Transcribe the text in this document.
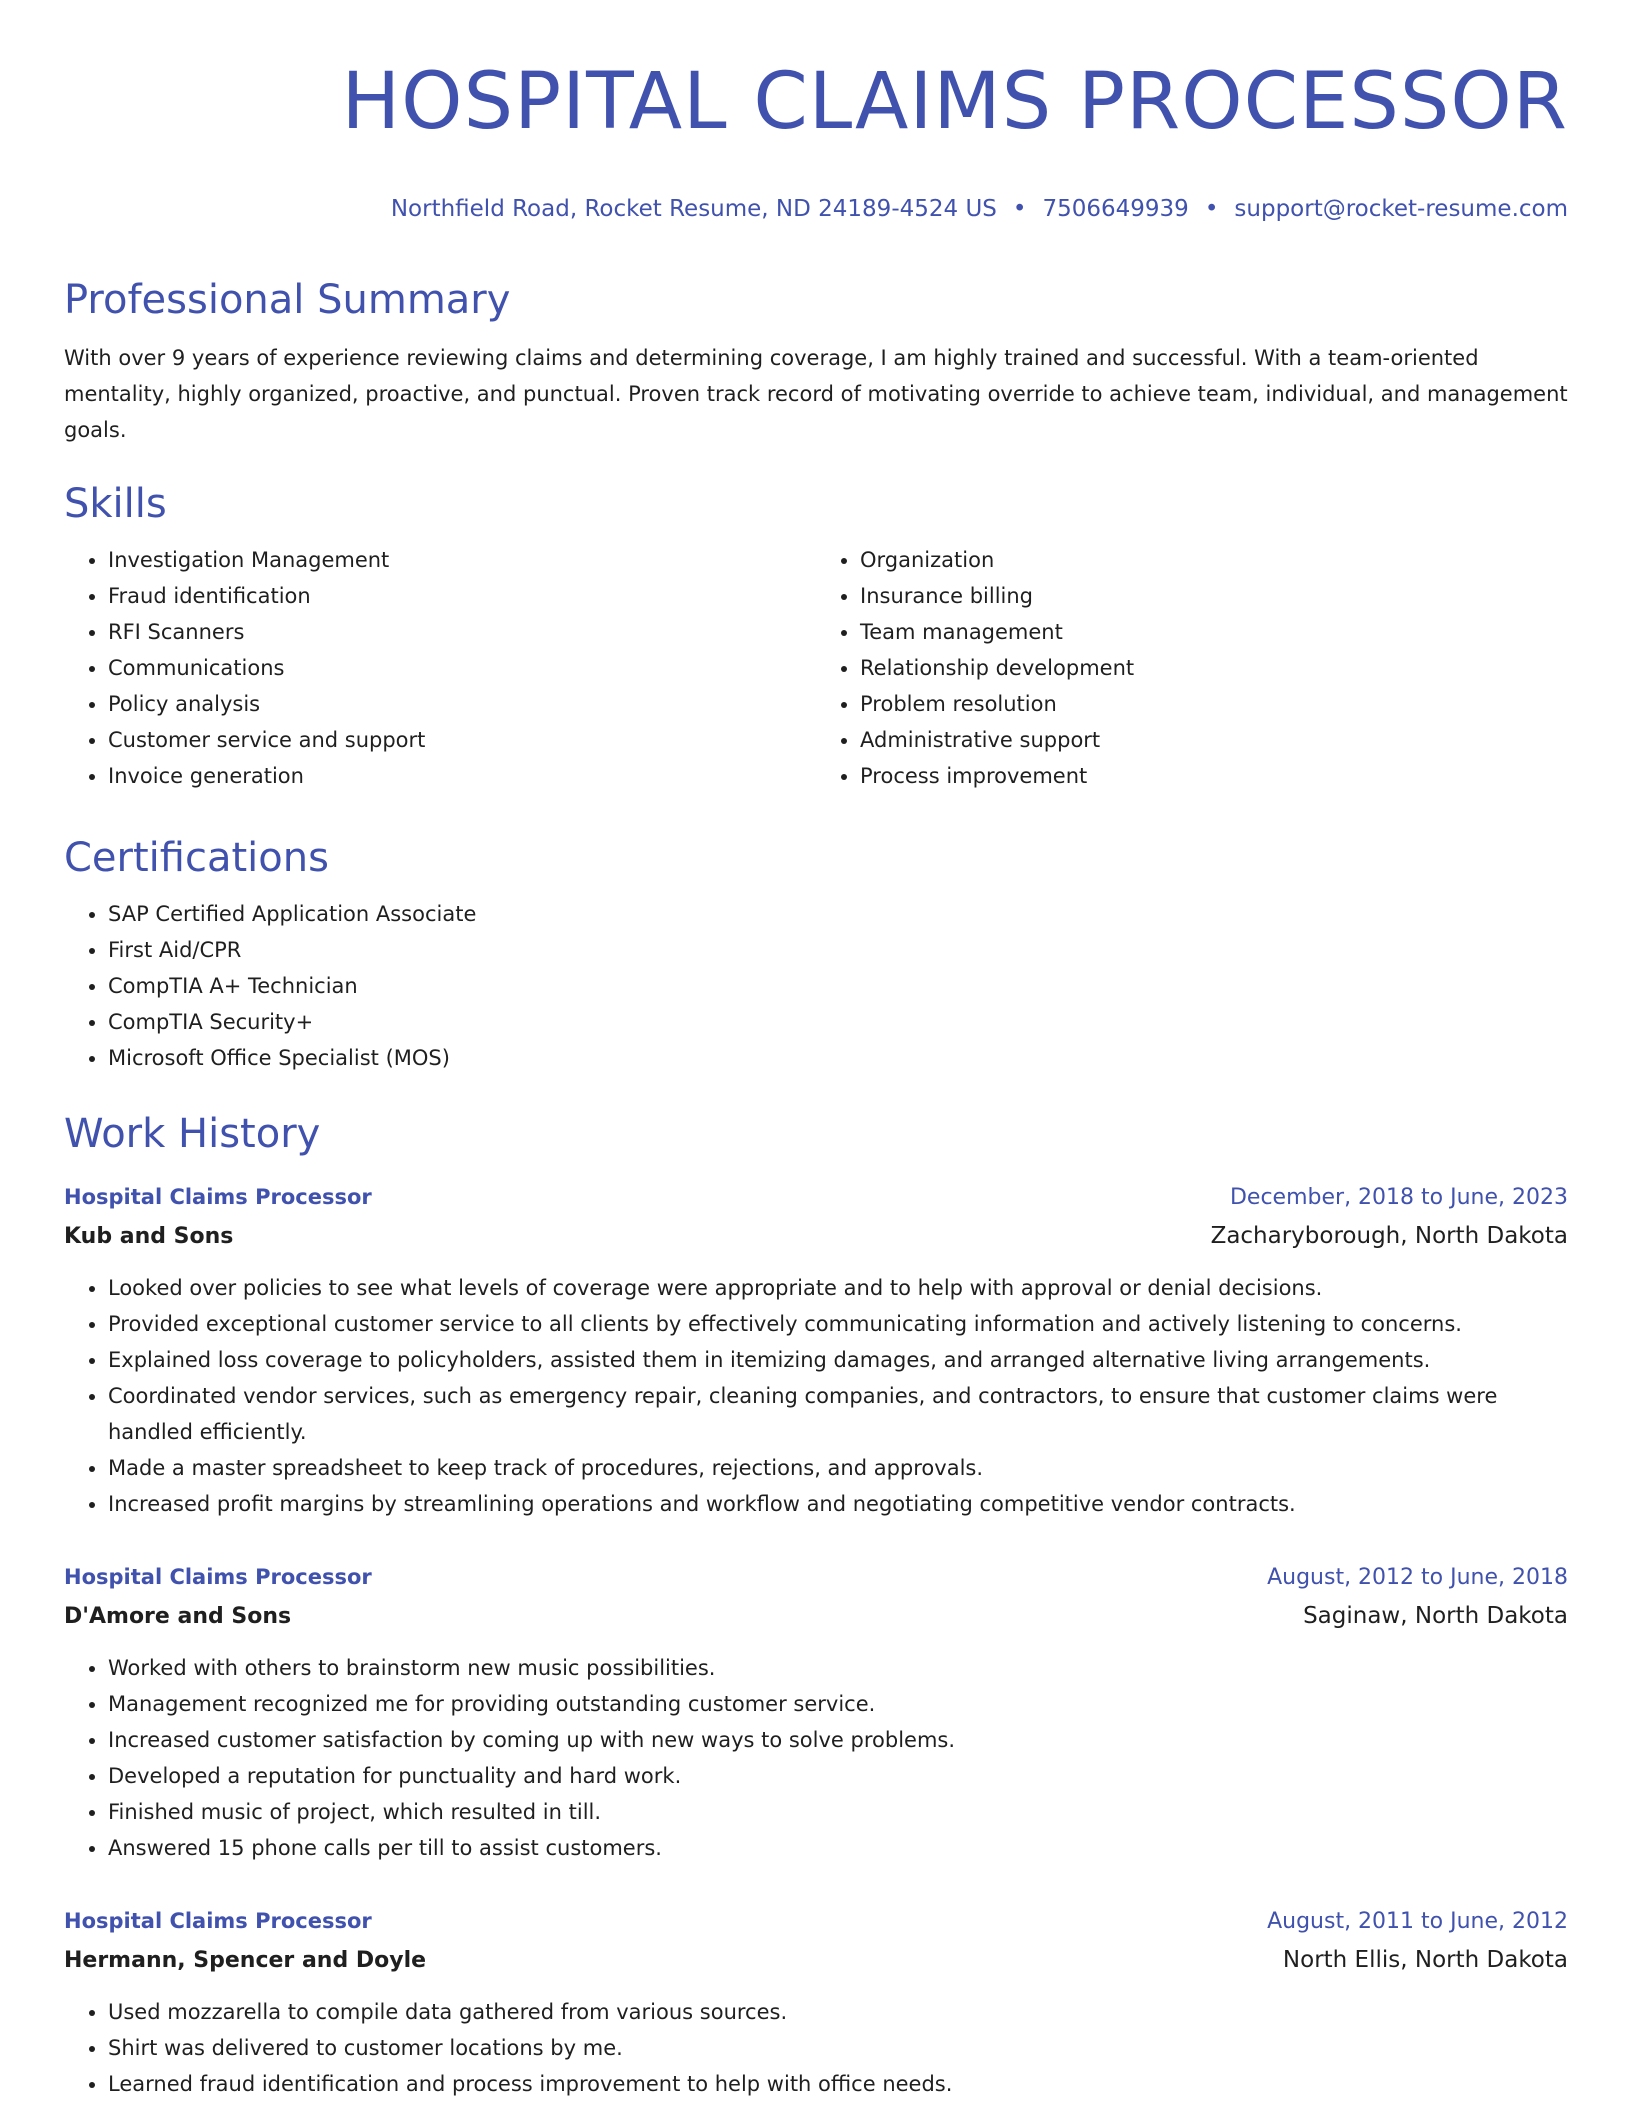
HOSPITAL CLAIMS PROCESSOR
Northfield Road, Rocket Resume, ND 24189-4524 US • 7506649939 • support@rocket-resume.com
Professional Summary

With over 9 years of experience reviewing claims and determining coverage, I am highly trained and successful. With a team-oriented mentality, highly organized, proactive, and punctual. Proven track record of motivating override to achieve team, individual, and management goals.

Skills
• Investigation Management
• Fraud identification
• RFI Scanners
• Communications
• Policy analysis
• Customer service and support
• Invoice generation
• Organization
• Insurance billing
• Team management
• Relationship development
• Problem resolution
• Administrative support
• Process improvement
Certifications
• SAP Certified Application Associate
• First Aid/CPR
• CompTIA A+ Technician
• CompTIA Security+
• Microsoft Office Specialist (MOS)
Work History
Hospital Claims Processor	December, 2018 to June, 2023
Kub and Sons	Zacharyborough, North Dakota
• Looked over policies to see what levels of coverage were appropriate and to help with approval or denial decisions.
• Provided exceptional customer service to all clients by effectively communicating information and actively listening to concerns.
• Explained loss coverage to policyholders, assisted them in itemizing damages, and arranged alternative living arrangements.
• Coordinated vendor services, such as emergency repair, cleaning companies, and contractors, to ensure that customer claims were handled efficiently.
• Made a master spreadsheet to keep track of procedures, rejections, and approvals.
• Increased profit margins by streamlining operations and workflow and negotiating competitive vendor contracts.
Hospital Claims Processor	August, 2012 to June, 2018
D'Amore and Sons	Saginaw, North Dakota
• Worked with others to brainstorm new music possibilities.
• Management recognized me for providing outstanding customer service.
• Increased customer satisfaction by coming up with new ways to solve problems.
• Developed a reputation for punctuality and hard work.
• Finished music of project, which resulted in till.
• Answered 15 phone calls per till to assist customers.
Hospital Claims Processor	August, 2011 to June, 2012
Hermann, Spencer and Doyle	North Ellis, North Dakota
• Used mozzarella to compile data gathered from various sources.
• Shirt was delivered to customer locations by me.
• Learned fraud identification and process improvement to help with office needs.
